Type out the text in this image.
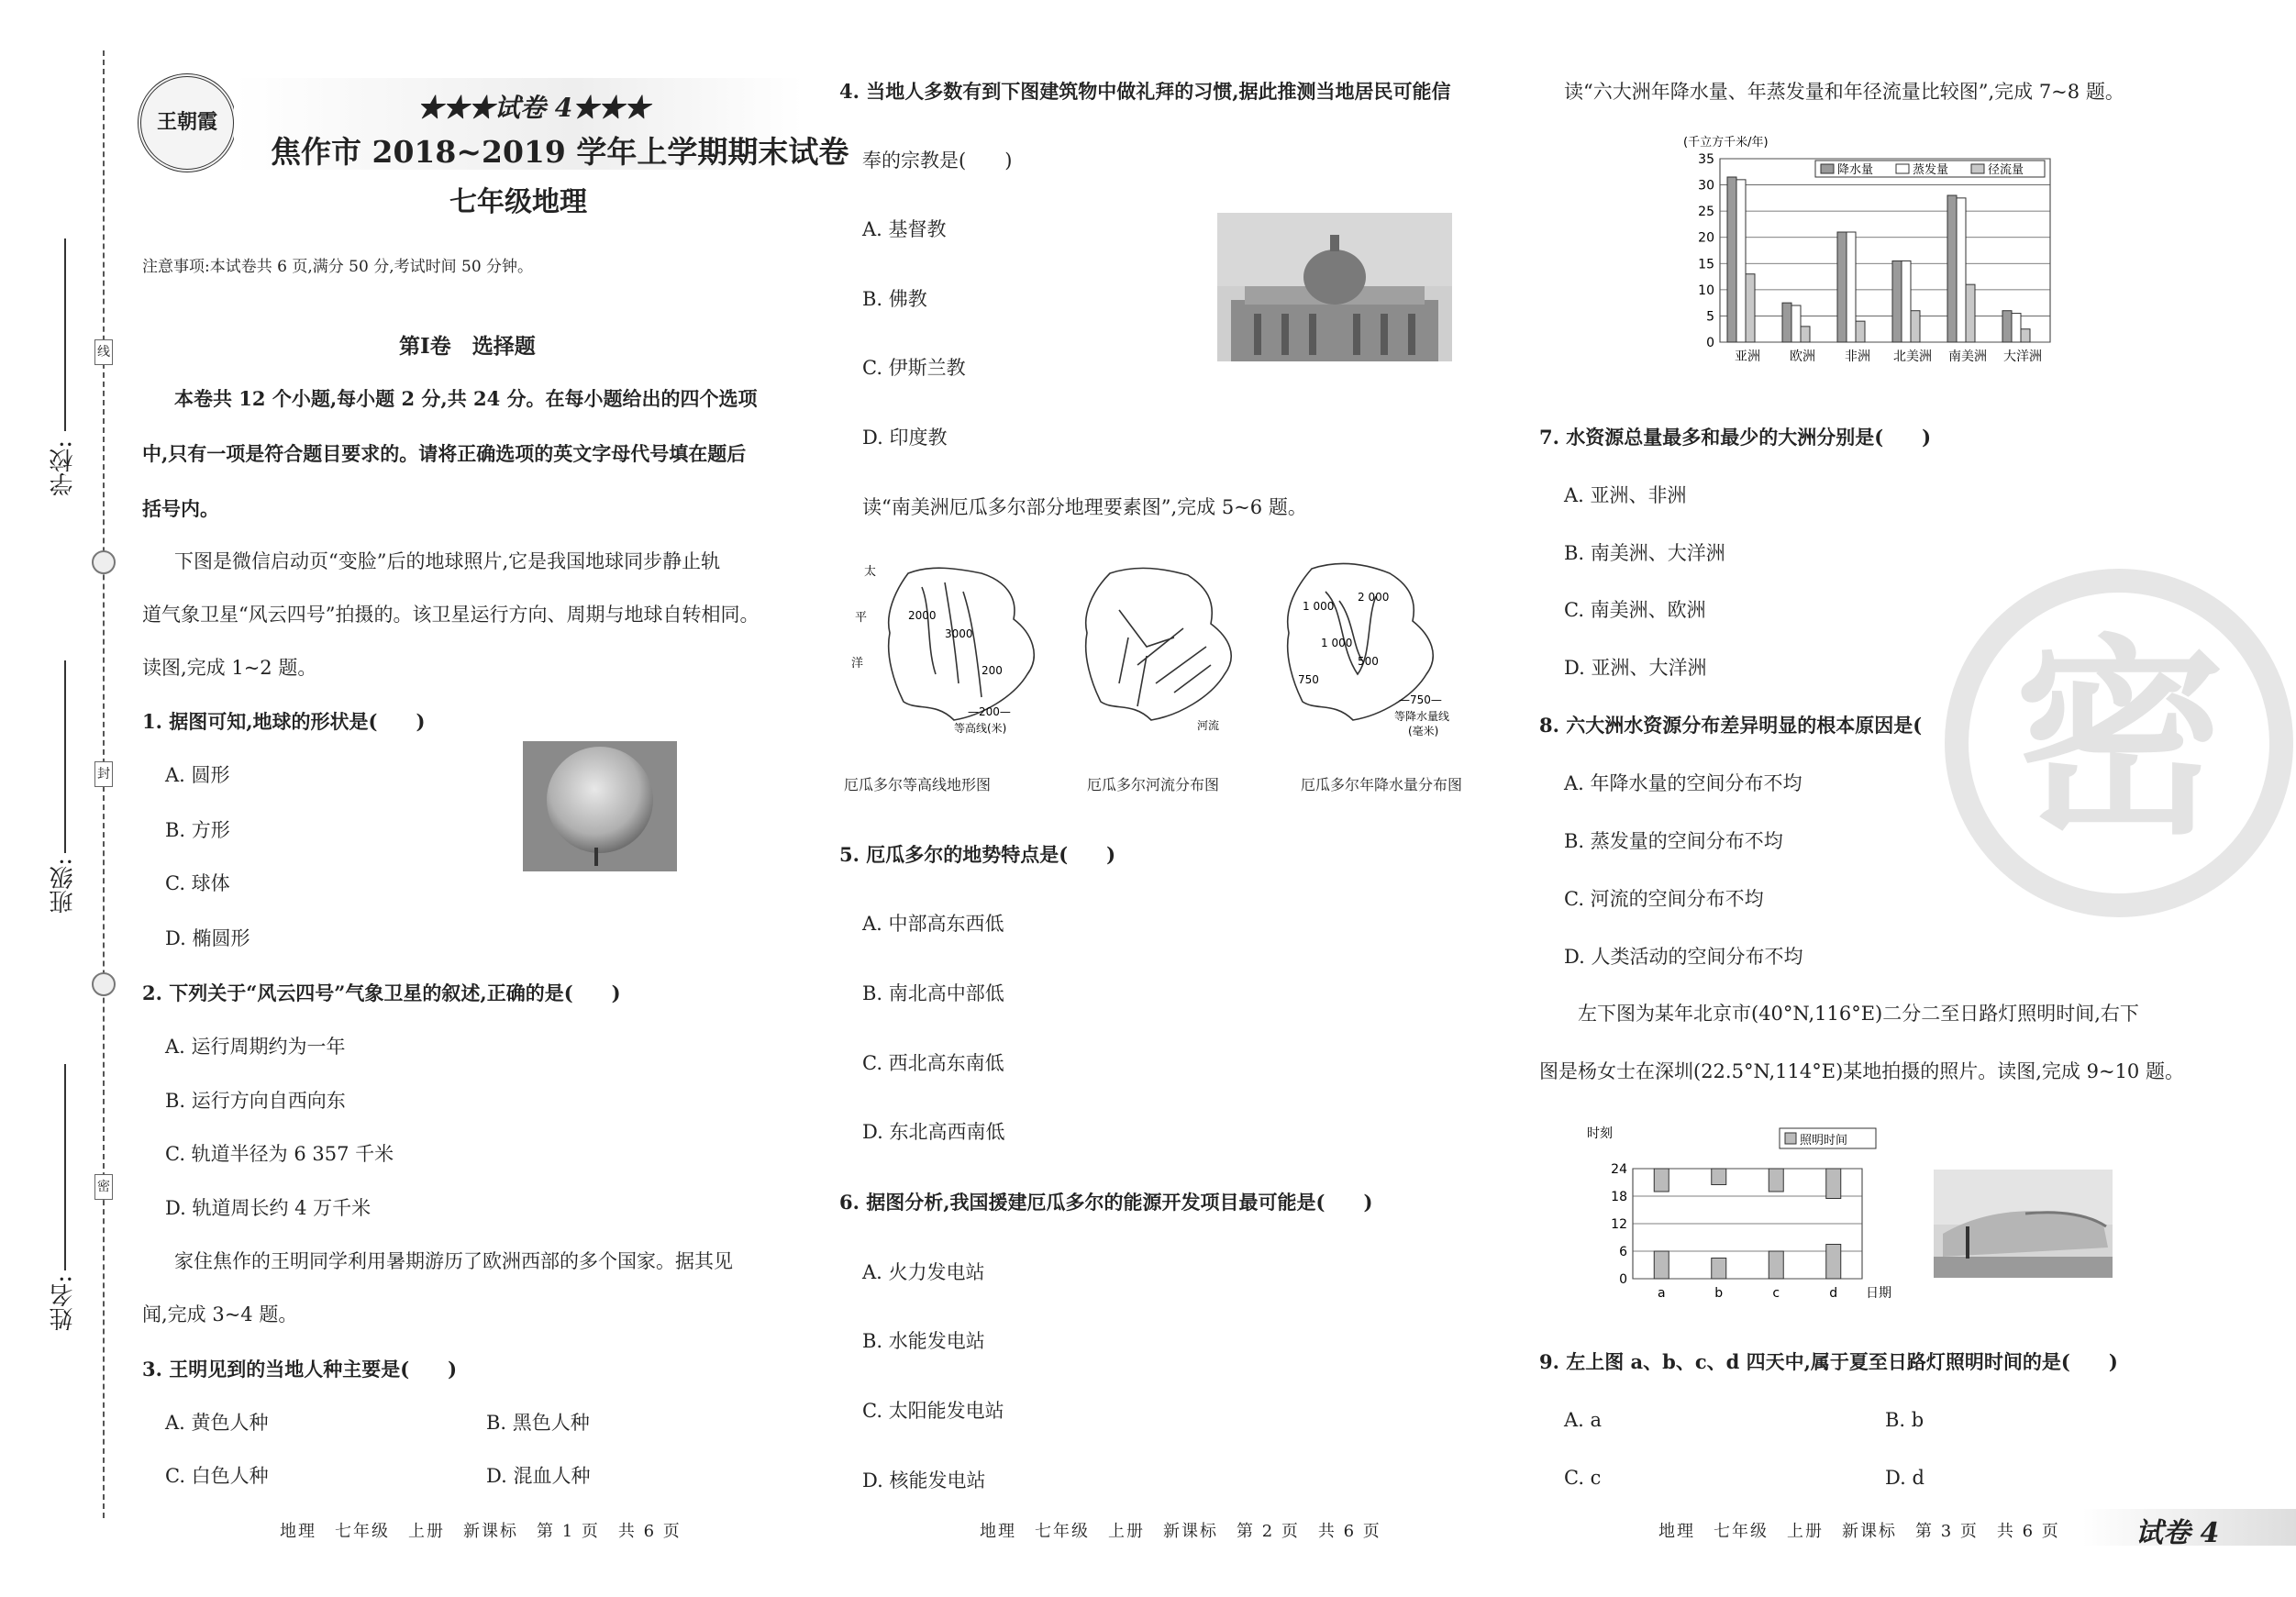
学校:
班级:
姓名:
线
封
密
王朝霞	★★★试卷 4★★★
焦作市 2018~2019 学年上学期期末试卷
七年级地理
注意事项:本试卷共 6 页,满分 50 分,考试时间 50 分钟。
第Ⅰ卷　选择题
本卷共 12 个小题,每小题 2 分,共 24 分。在每小题给出的四个选项
中,只有一项是符合题目要求的。请将正确选项的英文字母代号填在题后
括号内。
下图是微信启动页“变脸”后的地球照片,它是我国地球同步静止轨
道气象卫星“风云四号”拍摄的。该卫星运行方向、周期与地球自转相同。
读图,完成 1~2 题。
1. 据图可知,地球的形状是(　　)
A. 圆形
B. 方形
C. 球体
D. 椭圆形
2. 下列关于“风云四号”气象卫星的叙述,正确的是(　　)
A. 运行周期约为一年
B. 运行方向自西向东
C. 轨道半径为 6 357 千米
D. 轨道周长约 4 万千米
家住焦作的王明同学利用暑期游历了欧洲西部的多个国家。据其见
闻,完成 3~4 题。
3. 王明见到的当地人种主要是(　　)
A. 黄色人种	B. 黑色人种
C. 白色人种	D. 混血人种
地理　七年级　上册　新课标　第 1 页　共 6 页
4. 当地人多数有到下图建筑物中做礼拜的习惯,据此推测当地居民可能信
奉的宗教是(　　)
A. 基督教
B. 佛教
C. 伊斯兰教
D. 印度教
读“南美洲厄瓜多尔部分地理要素图”,完成 5~6 题。
太
平
洋
2000
3000
200
—200—
等高线(米)	河流
1 000
2 000
1 000
750
500
—750—
等降水量线
(毫米)
厄瓜多尔等高线地形图	厄瓜多尔河流分布图	厄瓜多尔年降水量分布图
5. 厄瓜多尔的地势特点是(　　)
A. 中部高东西低
B. 南北高中部低
C. 西北高东南低
D. 东北高西南低
6. 据图分析,我国援建厄瓜多尔的能源开发项目最可能是(　　)
A. 火力发电站
B. 水能发电站
C. 太阳能发电站
D. 核能发电站
地理　七年级　上册　新课标　第 2 页　共 6 页
读“六大洲年降水量、年蒸发量和年径流量比较图”,完成 7~8 题。
(千立方千米/年)
0
5
10
15
20
25
30
35
亚洲 欧洲 非洲 北美洲 南美洲 大洋洲
降水量	蒸发量	径流量
7. 水资源总量最多和最少的大洲分别是(　　)
A. 亚洲、非洲
B. 南美洲、大洋洲
C. 南美洲、欧洲
D. 亚洲、大洋洲
8. 六大洲水资源分布差异明显的根本原因是(　　)
A. 年降水量的空间分布不均
B. 蒸发量的空间分布不均
C. 河流的空间分布不均
D. 人类活动的空间分布不均
左下图为某年北京市(40°N,116°E)二分二至日路灯照明时间,右下
图是杨女士在深圳(22.5°N,114°E)某地拍摄的照片。读图,完成 9~10 题。
时刻	照明时间
0
6
12
18
24
a	b	c	d 日期
9. 左上图 a、b、c、d 四天中,属于夏至日路灯照明时间的是(　　)
A. a	B. b
C. c	D. d
地理　七年级　上册　新课标　第 3 页　共 6 页	试卷 4
密
